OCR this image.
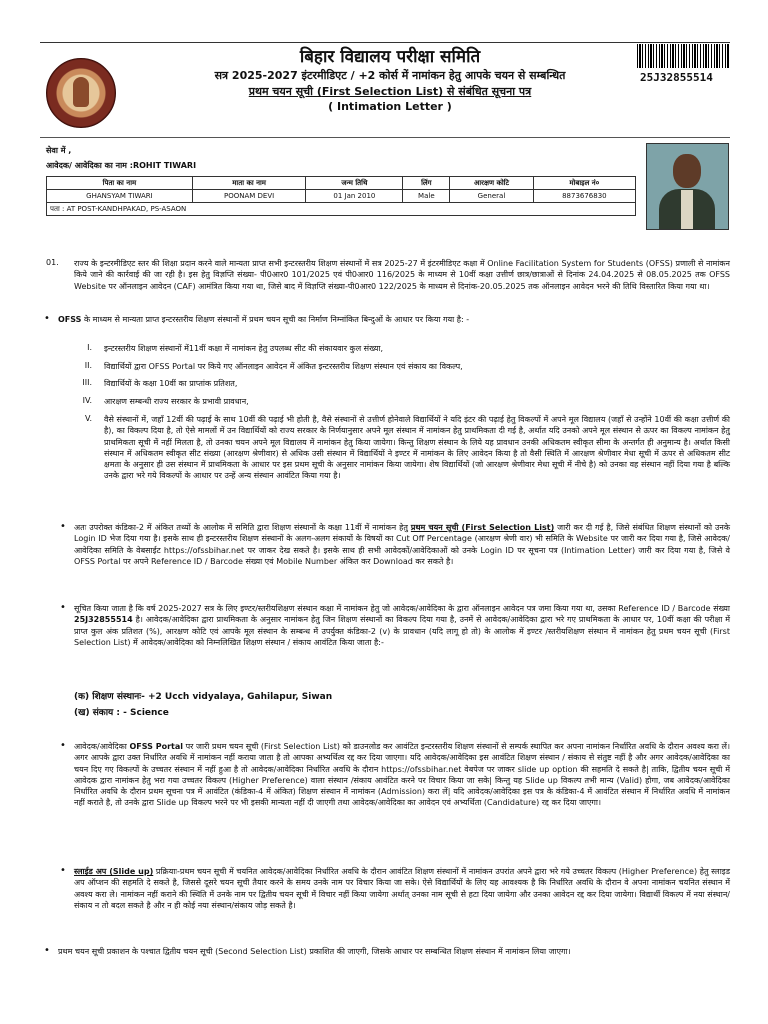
बिहार विद्यालय परीक्षा समिति
सत्र 2025-2027 इंटरमीडिएट / +2 कोर्स में नामांकन हेतु आपके चयन से सम्बन्धित
प्रथम चयन सूची (First Selection List) से संबंधित सूचना पत्र
( Intimation Letter )
25J32855514
सेवा में ,
आवेदक/ आवेदिका का नाम :ROHIT TIWARI
पिता का नाम	माता का नाम	जन्म तिथि	लिंग	आरक्षण कोटि	मोबाइल नं०
GHANSYAM TIWARI	POONAM DEVI	01 Jan 2010	Male	General	8873676830
पता : AT POST-KANDHPAKAD, PS-ASAON					
01. राज्य के इन्टरमीडिएट स्तर की शिक्षा प्रदान करने वाले मान्यता प्राप्त सभी इन्टरस्तरीय शिक्षण संस्थानों में सत्र 2025-27 में इंटरमीडिएट कक्षा में Online Facilitation System for Students (OFSS) प्रणाली से नामांकन किये जाने की कार्रवाई की जा रही है। इस हेतु विज्ञप्ति संख्या- पी0आर0 101/2025 एवं पी0आर0 116/2025 के माध्यम से 10वीं कक्षा उत्तीर्ण छात्र/छात्राओं से दिनांक 24.04.2025 से 08.05.2025 तक OFSS Website पर ऑनलाइन आवेदन (CAF) आमंत्रित किया गया था, जिसे बाद में विज्ञप्ति संख्या-पी0आर0 122/2025 के माध्यम से दिनांक-20.05.2025 तक ऑनलाइन आवेदन भरने की तिथि विस्तारित किया गया था।
• OFSS के माध्यम से मान्यता प्राप्त इन्टरस्तरीय शिक्षण संस्थानों में प्रथम चयन सूची का निर्माण निम्नांकित बिन्दुओं के आधार पर किया गया है: -
I. इन्टरस्तरीय शिक्षण संस्थानों में11वीं कक्षा में नामांकन हेतु उपलब्ध सीट की संकायवार कुल संख्या,
II. विद्यार्थियों द्वारा OFSS Portal पर किये गए ऑनलाइन आवेदन में अंकित इन्टरस्तरीय शिक्षण संस्थान एवं संकाय का विकल्प,
III. विद्यार्थियों के कक्षा 10वीं का प्राप्तांक प्रतिशत,
IV. आरक्षण सम्बन्धी राज्य सरकार के प्रभावी प्रावधान,
V. वैसे संस्थानों में, जहाँ 12वीं की पढ़ाई के साथ 10वीं की पढ़ाई भी होती है, वैसे संस्थानों से उत्तीर्ण होनेवाले विद्यार्थियों ने यदि इंटर की पढ़ाई हेतु विकल्पों में अपने मूल विद्यालय (जहाँ से उन्होंने 10वीं की कक्षा उत्तीर्ण की है), का विकल्प दिया है, तो ऐसे मामलों में उन विद्यार्थियों को राज्य सरकार के निर्णयानुसार अपने मूल संस्थान में नामांकन हेतु प्राथमिकता दी गई है, अर्थात यदि उनको अपने मूल संस्थान से ऊपर का विकल्प नामांकन हेतु प्राथमिकता सूची में नहीं मिलता है, तो उनका चयन अपने मूल विद्यालय में नामांकन हेतु किया जायेगा। किन्तु शिक्षण संस्थान के लिये यह प्रावधान उनकी अधिकतम स्वीकृत सीमा के अन्तर्गत ही अनुमान्य है। अर्थात किसी संस्थान में अधिकतम स्वीकृत सीट संख्या (आरक्षण श्रेणीवार) से अधिक उसी संस्थान में विद्यार्थियों ने इण्टर में नामांकन के लिए आवेदन किया है तो वैसी स्थिति में आरक्षण श्रेणीवार मेधा सूची में ऊपर से अधिकतम सीट क्षमता के अनुसार ही उस संस्थान में प्राथमिकता के आधार पर इस प्रथम सूची के अनुसार नामांकन किया जायेगा। शेष विद्यार्थियों (जो आरक्षण श्रेणीवार मेधा सूची में नीचे है) को उनका वह संस्थान नहीं दिया गया है बल्कि उनके द्वारा भरे गये विकल्पों के आधार पर उन्हें अन्य संस्थान आवंटित किया गया है।
• अतः उपरोक्त कंडिका-2 में अंकित तथ्यों के आलोक में समिति द्वारा शिक्षण संस्थानों के कक्षा 11वीं में नामांकन हेतु प्रथम चयन सूची (First Selection List) जारी कर दी गई है, जिसे संबंधित शिक्षण संस्थानों को उनके Login ID भेज दिया गया है। इसके साथ ही इन्टरस्तरीय शिक्षण संस्थानों के अलग-अलग संकायों के विषयों का Cut Off Percentage (आरक्षण श्रेणी वार) भी समिति के Website पर जारी कर दिया गया है, जिसे आवेदक/आवेदिका समिति के वेबसाईट https://ofssbihar.net पर जाकर देख सकते है। इसके साथ ही सभी आवेदकों/आवेदिकाओं को उनके Login ID पर सूचना पत्र (Intimation Letter) जारी कर दिया गया है, जिसे वे OFSS Portal पर अपने Reference ID / Barcode संख्या एवं Mobile Number अंकित कर Download कर सकते है।
• सूचित किया जाता है कि वर्ष 2025-2027 सत्र के लिए इण्टर/स्तरीयशिक्षण संस्थान कक्षा में नामांकन हेतु जो आवेदक/आवेदिका के द्वारा ऑनलाइन आवेदन पत्र जमा किया गया था, उसका Reference ID / Barcode संख्या 25J32855514 है। आवेदक/आवेदिका द्वारा प्राथमिकता के अनुसार नामांकन हेतु जिन शिक्षण संस्थानों का विकल्प दिया गया है, उनमें से आवेदक/आवेदिका द्वारा भरे गए प्राथमिकता के आधार पर, 10वीं कक्षा की परीक्षा में प्राप्त कुल अंक प्रतिशत (%), आरक्षण कोटि एवं आपके मूल संस्थान के सम्बन्ध में उपर्युक्त कंडिका-2 (v) के प्रावधान (यदि लागू हो तो) के आलोक में इण्टर /स्तरीयशिक्षण संस्थान में नामांकन हेतु प्रथम चयन सूची (First Selection List) में आवेदक/आवेदिका को निम्नलिखित शिक्षण संस्थान / संकाय आवंटित किया जाता है:-
(क) शिक्षण संस्थानः- +2 Ucch vidyalaya, Gahilapur, Siwan
(ख) संकाय : - Science
• आवेदक/आवेदिका OFSS Portal पर जारी प्रथम चयन सूची (First Selection List) को डाउनलोड कर आवंटित इन्टरस्तरीय शिक्षण संस्थानों से सम्पर्क स्थापित कर अपना नामांकन निर्धारित अवधि के दौरान अवश्य करा लें। अगर आपके द्वारा उक्त निर्धारित अवधि में नामांकन नहीं कराया जाता है तो आपका अभ्यर्थित्व रद्द कर दिया जाएगा। यदि आवेदक/आवेदिका इस आवंटित शिक्षण संस्थान / संकाय से संतुष्ट नहीं है और अगर आवेदक/आवेदिका का चयन दिए गए विकल्पों के उच्चतर संस्थान में नहीं हुआ है तो आवेदक/आवेदिका निर्धारित अवधि के दौरान https://ofssbihar.net वेबपेज पर जाकर slide up option की सहमति दे सकते है| ताकि, द्वितीय चयन सूची में आवेदक द्वारा नामांकन हेतु भरा गया उच्चतर विकल्प (Higher Preference) वाला संस्थान /संकाय आवंटित करने पर विचार किया जा सके| किन्तु यह Slide up विकल्प तभी मान्य (Valid) होगा, जब आवेदक/आवेदिका निर्धारित अवधि के दौरान प्रथम सूचना पत्र में आवंटित (कंडिका-4 में अंकित) शिक्षण संस्थान में नामांकन (Admission) करा लें| यदि आवेदक/आवेदिका इस पत्र के कंडिका-4 में आवंटित संस्थान में निर्धारित अवधि में नामांकन नहीं कराते है, तो उनके द्वारा Slide up विकल्प भरने पर भी इसकी मान्यता नहीं दी जाएगी तथा आवेदक/आवेदिका का आवेदन एवं अभ्यर्थिता (Candidature) रद्द कर दिया जाएगा।
• स्लाईड अप (Slide up) प्रक्रियाः-प्रथम चयन सूची में चयनित आवेदक/आवेदिका निर्धारित अवधि के दौरान आवंटित शिक्षण संस्थानों में नामांकन उपरांत अपने द्वारा भरे गये उच्चतर विकल्प (Higher Preference) हेतु स्लाइड अप ऑप्शन की सहमति दे सकते है, जिससे दूसरे चयन सूची तैयार करने के समय उनके नाम पर विचार किया जा सके। ऐसे विद्यार्थियों के लिए यह आवश्यक है कि निर्धारित अवधि के दौरान वे अपना नामांकन चयनित संस्थान में अवश्य करा ले। नामांकन नहीं कराने की स्थिति में उनके नाम पर द्वितीय चयन सूची में विचार नहीं किया जायेगा अर्थात् उनका नाम सूची से हटा दिया जायेगा और उनका आवेदन रद्द कर दिया जायेगा। विद्यार्थी विकल्प में नया संस्थान/ संकाय न तो बदल सकते है और न ही कोई नया संस्थान/संकाय जोड़ सकते है।
• प्रथम चयन सूची प्रकाशन के पश्चात द्वितीय चयन सूची (Second Selection List) प्रकाशित की जाएगी, जिसके आधार पर सम्बन्धित शिक्षण संस्थान में नामांकन लिया जाएगा।
